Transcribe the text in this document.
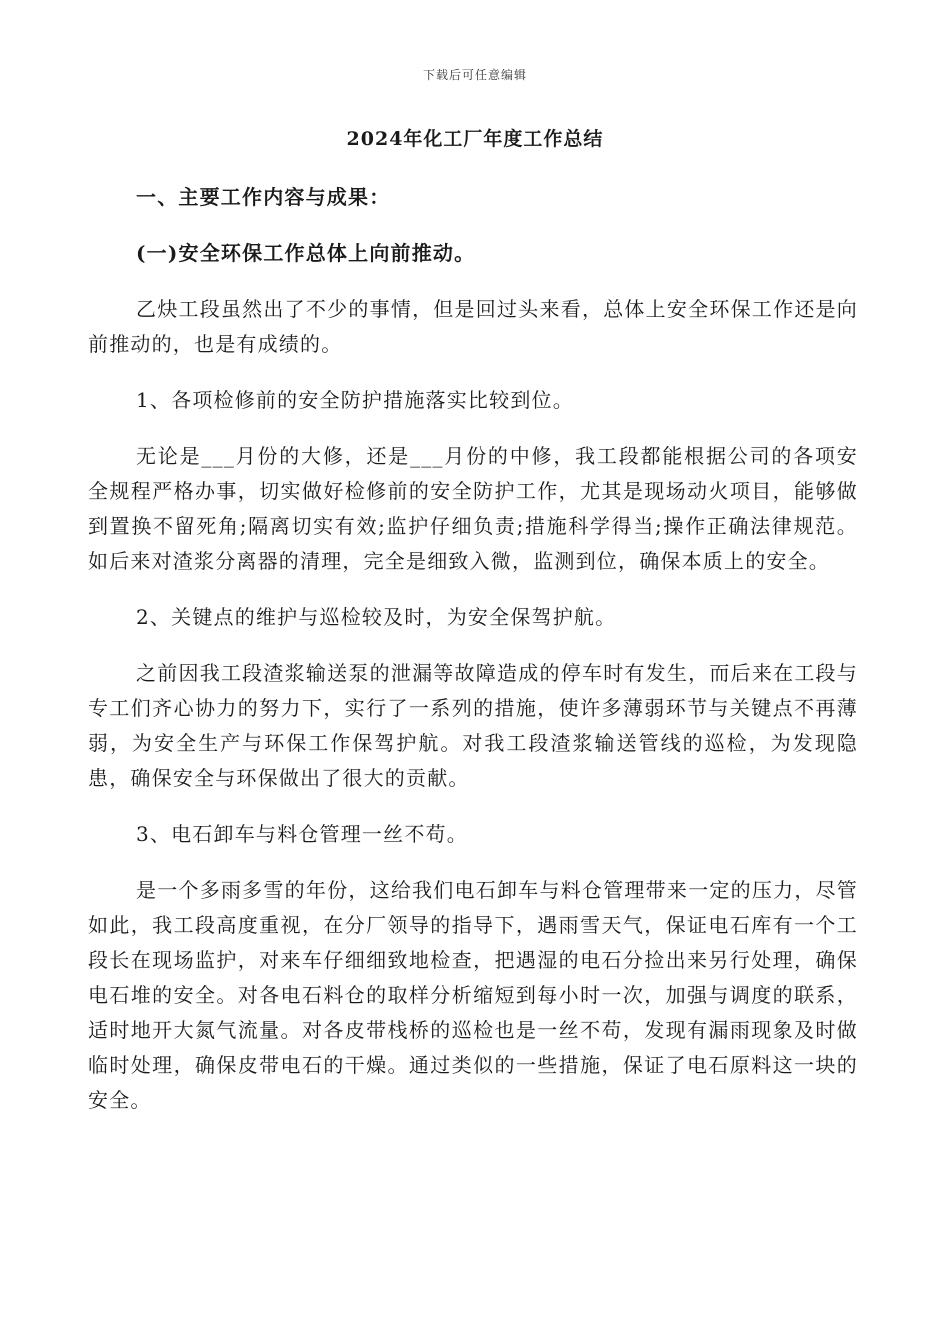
下载后可任意编辑
2024年化工厂年度工作总结
一、主要工作内容与成果：
(一)安全环保工作总体上向前推动。

乙炔工段虽然出了不少的事情，但是回过头来看，总体上安全环保工作还是向前推动的，也是有成绩的。

1、各项检修前的安全防护措施落实比较到位。

无论是___月份的大修，还是___月份的中修，我工段都能根据公司的各项安全规程严格办事，切实做好检修前的安全防护工作，尤其是现场动火项目，能够做到置换不留死角;隔离切实有效;监护仔细负责;措施科学得当;操作正确法律规范。如后来对渣浆分离器的清理，完全是细致入微，监测到位，确保本质上的安全。

2、关键点的维护与巡检较及时，为安全保驾护航。

之前因我工段渣浆输送泵的泄漏等故障造成的停车时有发生，而后来在工段与专工们齐心协力的努力下，实行了一系列的措施，使许多薄弱环节与关键点不再薄弱，为安全生产与环保工作保驾护航。对我工段渣浆输送管线的巡检，为发现隐患，确保安全与环保做出了很大的贡献。

3、电石卸车与料仓管理一丝不苟。

是一个多雨多雪的年份，这给我们电石卸车与料仓管理带来一定的压力，尽管如此，我工段高度重视，在分厂领导的指导下，遇雨雪天气，保证电石库有一个工段长在现场监护，对来车仔细细致地检查，把遇湿的电石分捡出来另行处理，确保电石堆的安全。对各电石料仓的取样分析缩短到每小时一次，加强与调度的联系，适时地开大氮气流量。对各皮带栈桥的巡检也是一丝不苟，发现有漏雨现象及时做临时处理，确保皮带电石的干燥。通过类似的一些措施，保证了电石原料这一块的安全。
